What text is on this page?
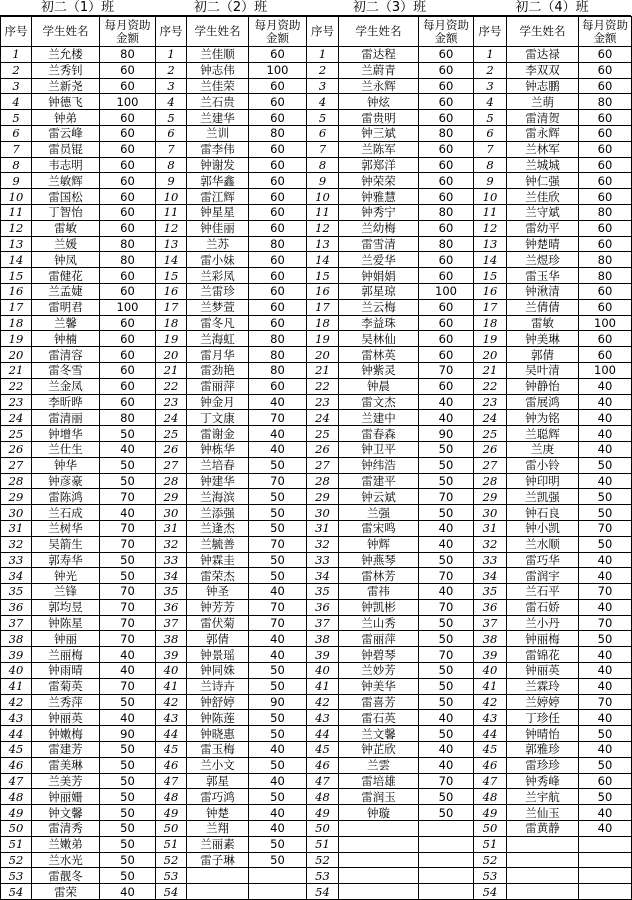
初二（1）班
序号	学生姓名	每月资助金额
1	兰允楼	80
2	兰秀钊	60
3	兰新尧	60
4	钟德飞	100
5	钟弟	60
6	雷云峰	60
7	雷员锟	60
8	韦志明	60
9	兰敏辉	60
10	雷国松	60
11	丁智怡	60
12	雷敏	60
13	兰媛	80
14	钟凤	80
15	雷健花	60
16	兰孟婕	60
17	雷明君	100
18	兰馨	60
19	钟楠	60
20	雷清容	60
21	雷冬雪	60
22	兰金凤	60
23	李昕晔	60
24	雷清丽	80
25	钟增华	50
26	兰仕生	40
27	钟华	50
28	钟彦豪	50
29	雷陈鸿	70
30	兰石成	40
31	兰树华	70
32	吴箭生	70
33	郭寿华	50
34	钟光	50
35	兰锋	70
36	郭均昱	70
37	钟陈星	70
38	钟丽	70
39	兰丽梅	40
40	钟雨晴	40
41	雷菊英	70
42	兰秀萍	50
43	钟丽英	40
44	钟嫩梅	90
45	雷建芳	50
46	雷美琳	50
47	兰美芳	50
48	钟丽姗	50
49	钟文馨	50
50	雷清秀	50
51	兰嫩弟	50
52	兰水光	50
53	雷靓冬	50
54	雷荣	40
初二（2）班
序号	学生姓名	每月资助金额
1	兰佳顺	60
2	钟志伟	100
3	兰佳荣	60
4	兰石贵	60
5	兰建华	60
6	兰训	80
7	雷李伟	60
8	钟谢发	60
9	郭华鑫	60
10	雷江辉	60
11	钟星星	60
12	钟佳丽	60
13	兰苏	80
14	雷小妹	60
15	兰彩凤	60
16	兰雷珍	60
17	兰梦萱	60
18	雷冬凡	60
19	兰海虹	80
20	雷月华	80
21	雷劲艳	80
22	雷丽萍	60
23	钟金月	40
24	丁文康	70
25	雷谢金	40
26	钟栋华	40
27	兰培春	50
28	钟建华	70
29	兰海滨	50
30	兰添强	50
31	兰逢杰	50
32	兰毓善	70
33	钟霖圭	50
34	雷荣杰	50
35	钟圣	40
36	钟芳芳	70
37	雷伏菊	70
38	郭倩	40
39	钟景瑶	40
40	钟同姝	50
41	兰诗卉	50
42	钟舒婷	90
43	钟陈莲	50
44	钟晓惠	50
45	雷玉梅	40
46	兰小文	50
47	郭星	40
48	雷巧鸿	50
49	钟楚	40
50	兰翔	40
51	兰丽素	50
52	雷子琳	50
53		
54		
初二（3）班
序号	学生姓名	每月资助金额
1	雷达程	60
2	兰蔚青	60
3	兰永辉	60
4	钟炫	60
5	雷贵明	60
6	钟三斌	80
7	兰陈军	60
8	郭郑洋	60
9	钟荣荣	60
10	钟雅慧	60
11	钟秀宁	80
12	兰幼梅	60
13	雷雪清	80
14	兰爱华	60
15	钟娟娟	60
16	郭星琼	100
17	兰云梅	60
18	李益珠	60
19	吴林仙	60
20	雷林英	60
21	钟紫灵	70
22	钟晨	60
23	雷文杰	40
24	兰建中	40
25	雷春森	90
26	钟卫平	50
27	钟纬浩	50
28	雷建平	50
29	钟云斌	70
30	兰强	50
31	雷宋鸣	40
32	钟辉	40
33	钟燕琴	50
34	雷林芳	70
35	雷祎	40
36	钟凯彬	70
37	兰山秀	50
38	雷丽萍	50
39	钟碧琴	70
40	兰妙芳	50
41	钟美华	50
42	雷喜芳	50
43	雷石英	40
44	兰文馨	50
45	钟芷欣	40
46	兰雲	40
47	雷培雄	70
48	雷润玉	50
49	钟璇	50
50		
51		
52		
53		
54		
初二（4）班
序号	学生姓名	每月资助金额
1	雷达禄	60
2	李双双	60
3	钟志鹏	60
4	兰萌	80
5	雷清贺	60
6	雷永辉	60
7	兰林军	60
8	兰城城	60
9	钟仁强	60
10	兰佳欣	60
11	兰守斌	80
12	雷幼平	60
13	钟楚晴	60
14	兰煜珍	80
15	雷玉华	80
16	钟湫清	60
17	兰倩倩	60
18	雷敏	100
19	钟美琳	60
20	郭倩	60
21	吴叶清	100
22	钟静怡	40
23	雷展鸿	40
24	钟为铭	40
25	兰聪辉	40
26	兰庚	40
27	雷小铃	50
28	钟印明	40
29	兰凯强	50
30	钟石良	50
31	钟小凯	70
32	兰水顺	50
33	雷巧华	40
34	雷润宇	40
35	兰石平	70
36	雷石娇	40
37	兰小丹	70
38	钟丽梅	50
39	雷锦花	40
40	钟丽英	40
41	兰霖玲	40
42	兰婷婷	70
43	丁珍任	40
44	钟晴怡	50
45	郭雅珍	40
46	雷珍珍	50
47	钟秀峰	60
48	兰宇航	50
49	兰仙玉	40
50	雷黄静	40
51		
52		
53		
54		
